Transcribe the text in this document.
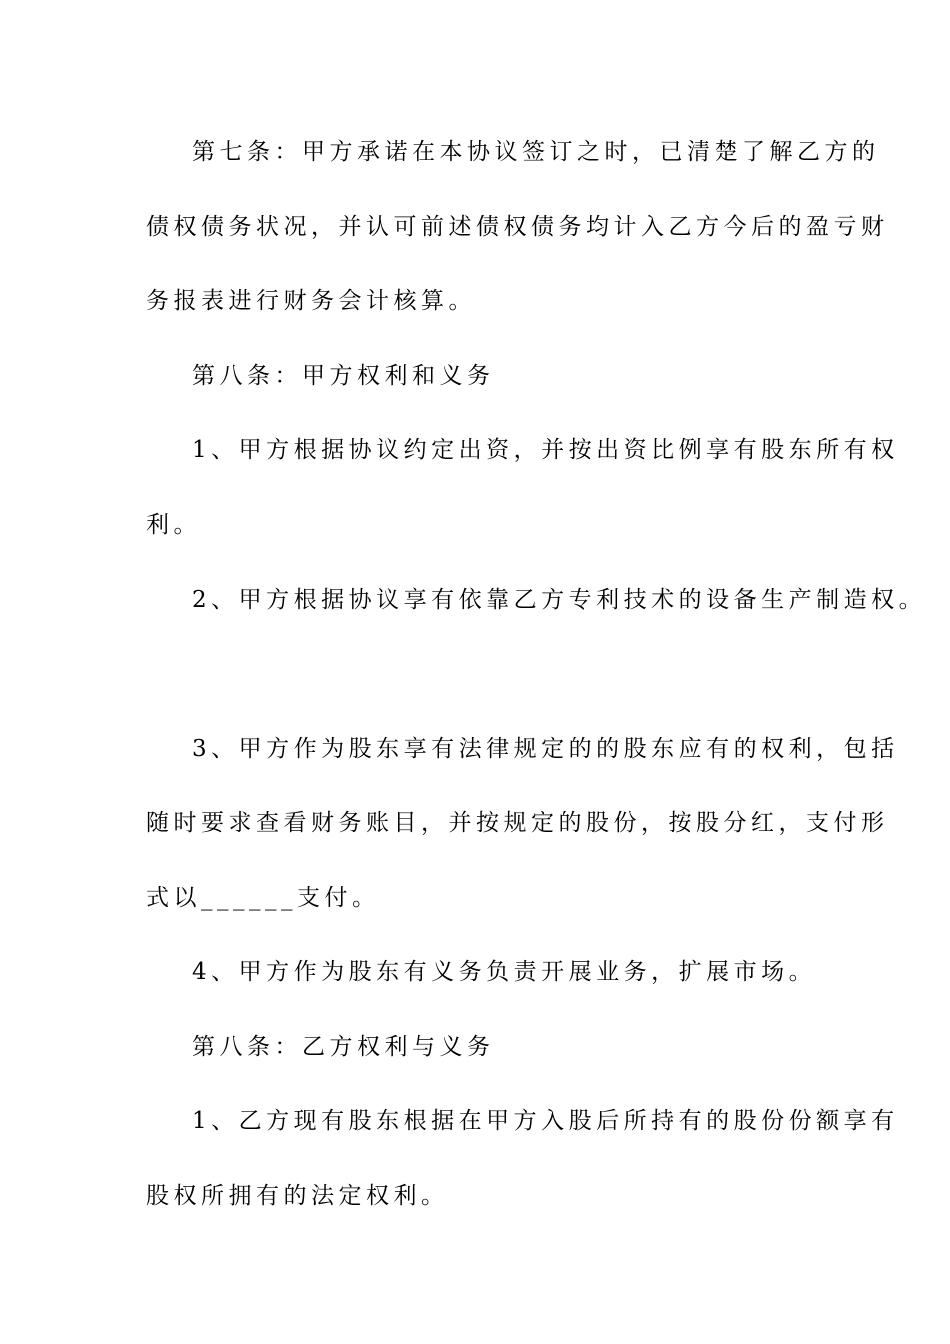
第七条：甲方承诺在本协议签订之时，已清楚了解乙方的

债权债务状况，并认可前述债权债务均计入乙方今后的盈亏财

务报表进行财务会计核算。

第八条：甲方权利和义务

1、甲方根据协议约定出资，并按出资比例享有股东所有权

利。

2、甲方根据协议享有依靠乙方专利技术的设备生产制造权。

3、甲方作为股东享有法律规定的的股东应有的权利，包括

随时要求查看财务账目，并按规定的股份，按股分红，支付形

式以______支付。

4、甲方作为股东有义务负责开展业务，扩展市场。

第八条：乙方权利与义务

1、乙方现有股东根据在甲方入股后所持有的股份份额享有

股权所拥有的法定权利。
